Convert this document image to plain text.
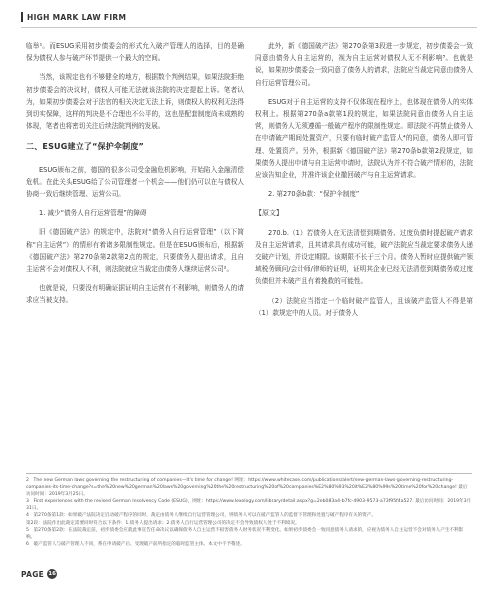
HIGH MARK LAW FIRM

临举¹。而ESUG采用初步债委会的形式允入破产管理人的选择，目的是确保为债权人参与破产环节提供一个最大的空间。

当然，该规定也有不够健全的地方，根据数个判例结果，如果法院拒绝初步债委会的决议时，债权人可能无法就该法院的决定提起上诉。笔者认为，如果初步债委会对于法官的相关决定无法上诉，则债权人的权利无法得到切实保障，这样的判决是不合理也不公平的，这也是配套制度尚未成熟的体现，笔者也将密切关注后续法院判例的发展。

二、ESUG建立了“保护伞制度”

ESUG颁布之前，德国的很多公司受金融危机影响，开始陷入金融清偿危机。在此关头ESUG给了公司管理者一个机会——他们仍可以在与债权人协商一致后继续管理、运营公司。

1. 减少“债务人自行运营管理”的障碍

旧《德国破产法》的规定中，法院对“债务人自行运营管理”（以下简称“自主运营”）的情形有着诸多限制性规定。但是在ESUG颁布后，根据新《德国破产法》第270条第2款第2点的规定，只要债务人提出请求，且自主运营不会对债权人不利，则法院就应当裁定由债务人继续运营公司²。

也就是说，只要没有明确证据证明自主运营有不利影响，则债务人的请求应当被支持。

此外，新《德国破产法》第270条第3段进一步规定，初步债委会一致同意由债务人自主运营的，视为自主运营对债权人无不利影响³。也就是说，如果初步债委会一致同意了债务人的请求，法院应当裁定同意由债务人自行运营管理公司。

ESUG对于自主运营的支持不仅体现在程序上，也体现在债务人的实体权利上。根据第270条a款第1段的规定，如果法院同意由债务人自主运营，则债务人无须遵循一般破产程序的限制性规定。即法院不再禁止债务人在申请破产期间处置资产，只要有临时破产监管人⁴的同意，债务人即可管理、处置资产。另外，根据新《德国破产法》第270条b款第2段规定，如果债务人提出申请与自主运营申请时，法院认为并不符合破产情形的，法院应该告知企业，并准许该企业撤回破产与自主运营请求。

2. 第270条b款：“保护伞制度”

【原文】

270.b.（1）若债务人在无法清偿到期债务、过度负债时提起破产请求及自主运营请求，且其请求具有成功可能，破产法院应当裁定要求债务人递交破产计划，并设定期限。该期限不长于三个月。债务人暂时应提供破产领域税务顾问/会计师/律师的证明，证明其企业已经无法清偿到期债务或过度负债但并未破产且有着挽救的可能性。

（2）法院应当指定一个临时破产监管人，且该破产监管人不得是第（1）款规定中的人员。对于债务人

2　The new German laws governing the restructuring of companies—It's time for change! 网址：https://www.whitecase.com/publications/alert/new-german-laws-governing-restructuring-companies-its-time-change?s=the%20new%20german%20laws%20governing%20the%20restructuring%20of%20companies%E2%80%93%20it%E2%80%99s%20time%20for%20change! 最后访问时间：2019年3月25日。

3　First experiences with the revised German Insolvency Code (ESUG)，网址：https://www.lexology.com/library/detail.aspx?g=2eb083a4-b7fc-4903-9573-a73f95f4a527. 最后访问时间：2019年3月31日。

4　第270条第1款：如果破产法院决定启动破产程序的同时，裁定由债务人继续自行运营管理公司，则债务人可以在破产监管人的监督下管理和处置与破产程序有关的资产。

第2段：法院作出此裁定需要同时符合以下条件：1.债务人提出请求；2.债务人自行运营管理公司的决定不会导致债权人处于不利境况。

5　第270条第2款：在法院裁定前，初步债委会应就此事宣告任命决议以确保债务人自主运营不损害债务人财务状况不利变化。如果初步债委会一致同意债务人请求的，应视为债务人自主运营不会对债务人产生不利影响。

6　破产监管人与破产管理人不同，系在申请破产后、受理破产前所指定的临时监管主体。本文中不予赘述。

PAGE 16
